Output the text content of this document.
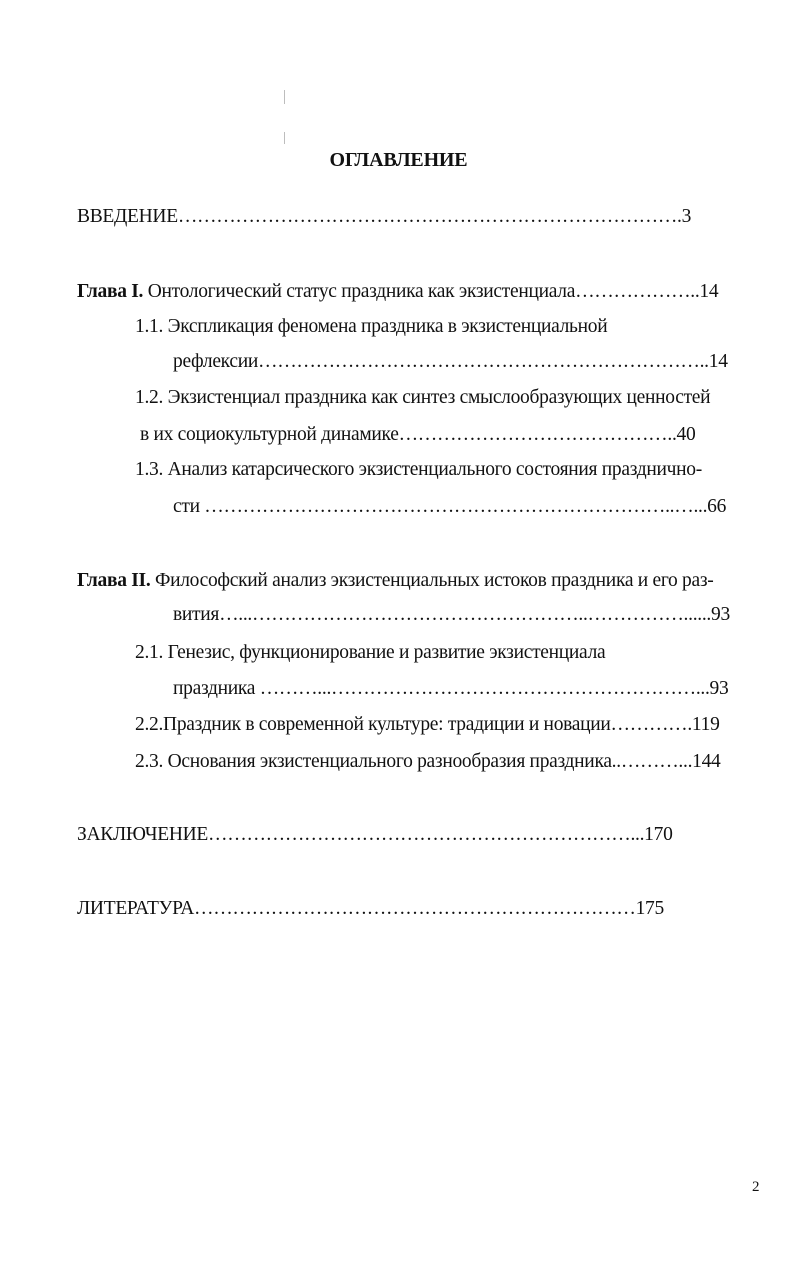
ОГЛАВЛЕНИЕ
ВВЕДЕНИЕ…………………………………………………………………….3
Глава I. Онтологический статус праздника как экзистенциала………………..14
1.1. Экспликация феномена праздника в экзистенциальной
рефлексии……………………………………………………………..14
1.2. Экзистенциал праздника как синтез смыслообразующих ценностей
в их социокультурной динамике……………………………………..40
1.3. Анализ катарсического экзистенциального состояния празднично-
сти ………………………………………………………………..…...66
Глава II. Философский анализ экзистенциальных истоков праздника и его раз-
вития…...……………………………………………..……………......93
2.1. Генезис, функционирование и развитие экзистенциала
праздника ………...…………………………………………………...93
2.2.Праздник в современной культуре: традиции и новации………….119
2.3. Основания экзистенциального разнообразия праздника..………...144
ЗАКЛЮЧЕНИЕ…………………………………………………………...170
ЛИТЕРАТУРА……………………………………………………………175
2
